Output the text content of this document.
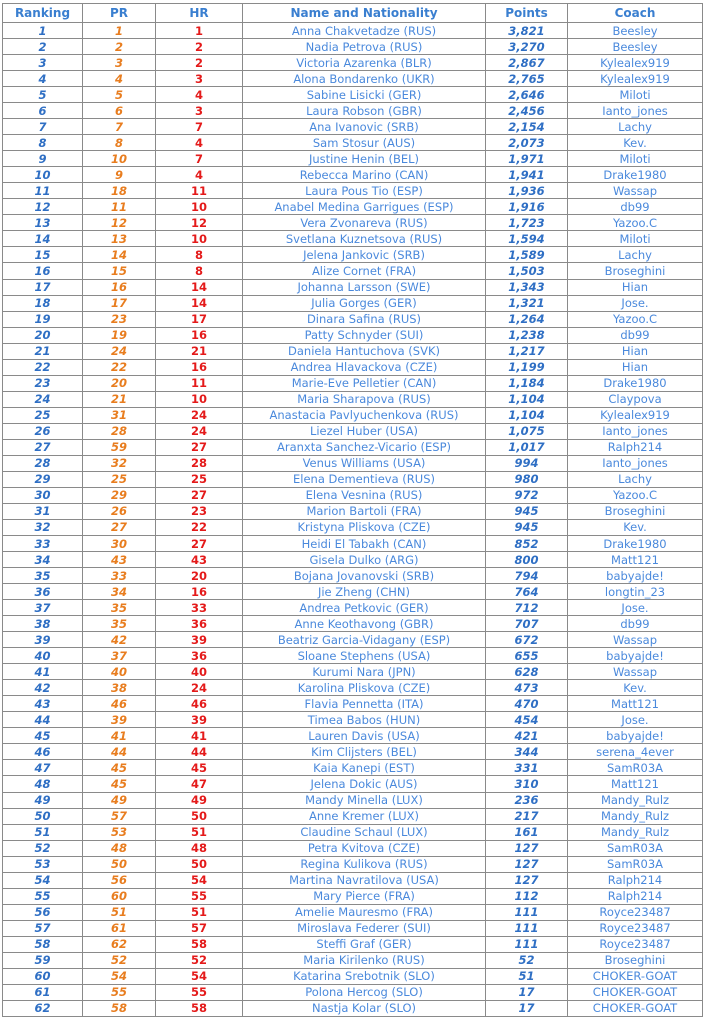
Ranking	PR	HR	Name and Nationality	Points	Coach
1	1	1	Anna Chakvetadze (RUS)	3,821	Beesley
2	2	2	Nadia Petrova (RUS)	3,270	Beesley
3	3	2	Victoria Azarenka (BLR)	2,867	Kylealex919
4	4	3	Alona Bondarenko (UKR)	2,765	Kylealex919
5	5	4	Sabine Lisicki (GER)	2,646	Miloti
6	6	3	Laura Robson (GBR)	2,456	Ianto_jones
7	7	7	Ana Ivanovic (SRB)	2,154	Lachy
8	8	4	Sam Stosur (AUS)	2,073	Kev.
9	10	7	Justine Henin (BEL)	1,971	Miloti
10	9	4	Rebecca Marino (CAN)	1,941	Drake1980
11	18	11	Laura Pous Tio (ESP)	1,936	Wassap
12	11	10	Anabel Medina Garrigues (ESP)	1,916	db99
13	12	12	Vera Zvonareva (RUS)	1,723	Yazoo.C
14	13	10	Svetlana Kuznetsova (RUS)	1,594	Miloti
15	14	8	Jelena Jankovic (SRB)	1,589	Lachy
16	15	8	Alize Cornet (FRA)	1,503	Broseghini
17	16	14	Johanna Larsson (SWE)	1,343	Hian
18	17	14	Julia Gorges (GER)	1,321	Jose.
19	23	17	Dinara Safina (RUS)	1,264	Yazoo.C
20	19	16	Patty Schnyder (SUI)	1,238	db99
21	24	21	Daniela Hantuchova (SVK)	1,217	Hian
22	22	16	Andrea Hlavackova (CZE)	1,199	Hian
23	20	11	Marie-Eve Pelletier (CAN)	1,184	Drake1980
24	21	10	Maria Sharapova (RUS)	1,104	Claypova
25	31	24	Anastacia Pavlyuchenkova (RUS)	1,104	Kylealex919
26	28	24	Liezel Huber (USA)	1,075	Ianto_jones
27	59	27	Aranxta Sanchez-Vicario (ESP)	1,017	Ralph214
28	32	28	Venus Williams (USA)	994	Ianto_jones
29	25	25	Elena Dementieva (RUS)	980	Lachy
30	29	27	Elena Vesnina (RUS)	972	Yazoo.C
31	26	23	Marion Bartoli (FRA)	945	Broseghini
32	27	22	Kristyna Pliskova (CZE)	945	Kev.
33	30	27	Heidi El Tabakh (CAN)	852	Drake1980
34	43	43	Gisela Dulko (ARG)	800	Matt121
35	33	20	Bojana Jovanovski (SRB)	794	babyajde!
36	34	16	Jie Zheng (CHN)	764	longtin_23
37	35	33	Andrea Petkovic (GER)	712	Jose.
38	35	36	Anne Keothavong (GBR)	707	db99
39	42	39	Beatriz Garcia-Vidagany (ESP)	672	Wassap
40	37	36	Sloane Stephens (USA)	655	babyajde!
41	40	40	Kurumi Nara (JPN)	628	Wassap
42	38	24	Karolina Pliskova (CZE)	473	Kev.
43	46	46	Flavia Pennetta (ITA)	470	Matt121
44	39	39	Timea Babos (HUN)	454	Jose.
45	41	41	Lauren Davis (USA)	421	babyajde!
46	44	44	Kim Clijsters (BEL)	344	serena_4ever
47	45	45	Kaia Kanepi (EST)	331	SamR03A
48	45	47	Jelena Dokic (AUS)	310	Matt121
49	49	49	Mandy Minella (LUX)	236	Mandy_Rulz
50	57	50	Anne Kremer (LUX)	217	Mandy_Rulz
51	53	51	Claudine Schaul (LUX)	161	Mandy_Rulz
52	48	48	Petra Kvitova (CZE)	127	SamR03A
53	50	50	Regina Kulikova (RUS)	127	SamR03A
54	56	54	Martina Navratilova (USA)	127	Ralph214
55	60	55	Mary Pierce (FRA)	112	Ralph214
56	51	51	Amelie Mauresmo (FRA)	111	Royce23487
57	61	57	Miroslava Federer (SUI)	111	Royce23487
58	62	58	Steffi Graf (GER)	111	Royce23487
59	52	52	Maria Kirilenko (RUS)	52	Broseghini
60	54	54	Katarina Srebotnik (SLO)	51	CHOKER-GOAT
61	55	55	Polona Hercog (SLO)	17	CHOKER-GOAT
62	58	58	Nastja Kolar (SLO)	17	CHOKER-GOAT
